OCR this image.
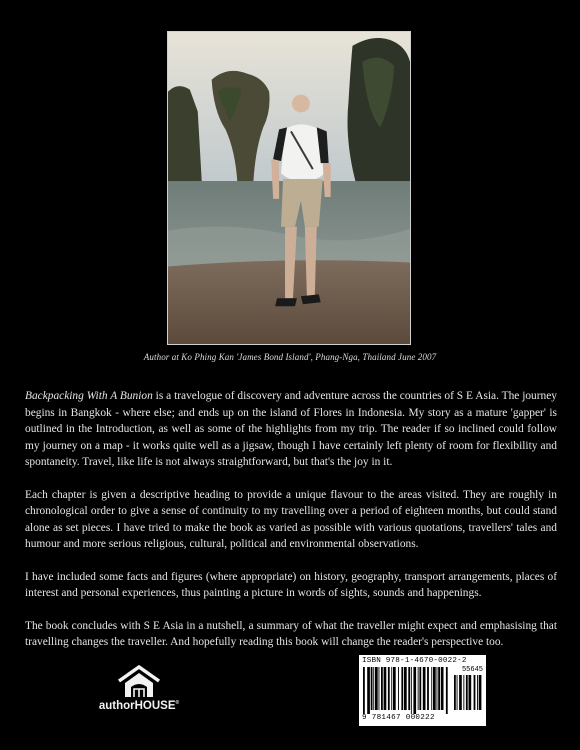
Author at Ko Phing Kan 'James Bond Island', Phang-Nga, Thailand June 2007

Backpacking With A Bunion is a travelogue of discovery and adventure across the countries of S E Asia. The journey begins in Bangkok - where else; and ends up on the island of Flores in Indonesia. My story as a mature 'gapper' is outlined in the Introduction, as well as some of the highlights from my trip. The reader if so inclined could follow my journey on a map - it works quite well as a jigsaw, though I have certainly left plenty of room for flexibility and spontaneity. Travel, like life is not always straightforward, but that's the joy in it.

Each chapter is given a descriptive heading to provide a unique flavour to the areas visited. They are roughly in chronological order to give a sense of continuity to my travelling over a period of eighteen months, but could stand alone as set pieces. I have tried to make the book as varied as possible with various quotations, travellers' tales and humour and more serious religious, cultural, political and environmental observations.

I have included some facts and figures (where appropriate) on history, geography, transport arrangements, places of interest and personal experiences, thus painting a picture in words of sights, sounds and happenings.

The book concludes with S E Asia in a nutshell, a summary of what the traveller might expect and emphasising that travelling changes the traveller. And hopefully reading this book will change the reader's perspective too.

authorHOUSE®
ISBN 978-1-4670-0022-2
55645
9 781467 000222
